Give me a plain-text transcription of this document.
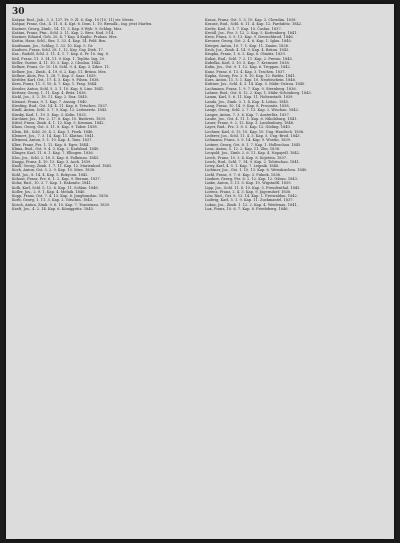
30

Kašpar, Rud., Jab., 3. 3. 137. Pr. 9. Zl. 6. Kap. 10 (10, 11) str. Mesto.

Kašpar, Franz, Gst., 4. 11. 8. 4. Kpt. 6. Dom. 1. 10. Bresalk., Ing. jetzt Marlen.

Kastner, Georg, Zimb., 14. 11. 3. Kap. 8 Wyb. 9. Schlag. Mez.

Kaštan, Franz, Ptm., Schl. 3. 11. Kap. 2. Brez. Hod. 3-14.

Kastner, Eduard, Geh. 20. 4. 7 Kap. 4 Kaplic. Prahan. Mez.

Kattin, Hans, Schl., Bez. 1. 33. 4. Kap. 14. Feld. Brn.

Kaufmann, Jos., Schlag, 1. 33. 10. Kap. 5. Gr.

Kauliers, Franz, Schl. 28. 1. 12. Krg. Gay. Dieb. 17.

Kaz., Rudolf, Schl. 3. 11. 4. 1. 7. Kap. 6. Pr. 10. Ing. 8.

Keil, Franz, 11. 3. 14. 11. 9. Kap. 1. Teplitz. Ing. 20.

Keller, Gustav, 4. 11. 10. 3. Kap. 2. Chodau. 1842.

Kellner, Franz, Cr. 10. 18. Schl. 9. 4. Kap. 3. Zdice. 11.

Kellner, Jos., Zimb., 4. 19. 6. 2. Kap. 11. Brünn. Mez.

Kellner, Alois, Prz. 1. 28. 7. Kap. 5. Saaz. 1839.

Kerbler, Karl, Gst., 17. 4. 3. Kap. 9. Pilsen. 1838.

Kern, Franz, 11. 3. 10. 4. 7. Kap. 1. Prag. 1844.

Kessler, Anton, Schl. 5. 3. 1. 10. Kap. 8. Linz. 1841.

Kettner, Georg, 1. 11. Kap. 4. Brüx. 1836.

Kickl, Jos., 5. 2. 18. 11. Kap. 2. Dux. 1845.

Kienast, Franz, 9. 1. Kap. 7. Aussig. 1840.

Kiesling, Rud., Gst. 14. 4. 11. Kap. 6. Tetschen. 1837.

Kindl, Anton, Schl. 3. 7. 9. Kap. 12. Leitmeritz. 1843.

Kinsky, Karl, 1. 19. 5. Kap. 3. Kolin. 1835.

Kirchner, Jos., Prz. 2. 17. 6. Kap. 10. Budweis. 1839.

Kittel, Franz, Zimb. 4. 1. 12. Kap. 5. Krumau. 1842.

Klaus, Georg, Gst. 3. 11. 8. Kap. 9. Tabor. 1838.

Klein, Ed., Schl. 20. 4. 2. Kap. 1. Pisek. 1846.

Kleinert, Jos., 7. 3. 14. Kap. 11. Klattau. 1841.

Klement, Anton, 5. 1. 10. Kap. 4. Taus. 1837.

Klier, Franz, Prz. 1. 12. Kap. 8. Eger. 1844.

Klima, Rud., Gst. 9. 4. 3. Kap. 2. Karlsbad. 1840.

Klinger, Karl, 11. 6. 1. Kap. 7. Elbogen. 1836.

Klos, Jos., Schl. 2. 18. 5. Kap. 6. Falkenau. 1843.

Knapp, Franz, 4. 10. 13. Kap. 3. Asch. 1839.

Knoll, Georg, Zimb. 1. 7. 11. Kap. 12. Marienbad. 1845.

Koch, Anton, Gst. 3. 2. 9. Kap. 10. Mies. 1838.

Kohl, Jos., 8. 14. 4. Kap. 5. Rokycan. 1842.

Kohout, Franz, Prz. 6. 1. 2. Kap. 9. Beraun. 1837.

Kolar, Rud., 10. 3. 7. Kap. 1. Rakonitz. 1841.

Kolb, Karl, Schl. 5. 12. 6. Kap. 11. Schlan. 1846.

Koller, Jos., 2. 9. 1. Kap. 4. Melnik. 1840.

Kopp, Franz, Gst. 7. 4. 13. Kap. 8. Jungbunzlau. 1836.

Korb, Georg, 1. 11. 3. Kap. 2. Gitschin. 1843.

Kosch, Anton, Zimb. 9. 6. 10. Kap. 7. Trautenau. 1839.

Kraft, Jos., 4. 2. 14. Kap. 6. Königgrätz. 1845.

Kraus, Franz, Gst. 1. 3. 10. Kap. 3. Chrudim. 1838.

Krause, Rud., Schl. 6. 11. 4. Kap. 12. Pardubitz. 1842.

Krebs, Karl, 8. 1. 7. Kap. 10. Časlau. 1837.

Kreidl, Jos., Prz. 3. 12. 2. Kap. 5. Kuttenberg. 1841.

Kren, Franz, 5. 9. 13. Kap. 9. Deutschbrod. 1846.

Kreuzer, Georg, Gst. 2. 4. 6. Kap. 1. Iglau. 1840.

Krieger, Anton, 10. 7. 1. Kap. 11. Znaim. 1836.

Kroh, Jos., Zimb. 4. 14. 9. Kap. 4. Brünn. 1843.

Krupka, Franz, 1. 6. 3. Kap. 8. Olmütz. 1839.

Kubat, Rud., Schl. 7. 2. 11. Kap. 2. Prerau. 1845.

Kubelka, Karl, 3. 10. 5. Kap. 7. Kremsier. 1838.

Kuhn, Jos., Gst. 9. 1. 12. Kap. 6. Troppau. 1842.

Kunz, Franz, 6. 13. 4. Kap. 3. Teschen. 1837.

Kupka, Georg, Prz. 2. 8. 10. Kap. 12. Bielitz. 1841.

Kurz, Anton, 11. 5. 1. Kap. 10. Neutitschein. 1846.

Kuttner, Jos., Schl. 4. 3. 14. Kap. 5. Mähr.-Ostrau. 1840.

Lachmann, Franz, 1. 9. 7. Kap. 9. Sternberg. 1836.

Lahner, Rud., Gst. 8. 12. 2. Kap. 1. Mähr.-Schönberg. 1843.

Lamm, Karl, 5. 6. 11. Kap. 11. Hohenstadt. 1839.

Landa, Jos., Zimb. 3. 1. 4. Kap. 4. Littau. 1845.

Lang, Franz, 10. 14. 9. Kap. 8. Prossnitz. 1838.

Lange, Georg, Schl. 2. 7. 13. Kap. 2. Wischau. 1842.

Langer, Anton, 7. 3. 6. Kap. 7. Austerlitz. 1837.

Laube, Jos., Gst. 4. 11. 1. Kap. 6. Nikolsburg. 1841.

Lauer, Franz, 9. 2. 12. Kap. 3. Lundenburg. 1846.

Layer, Rud., Prz. 1. 8. 5. Kap. 12. Göding. 1840.

Lechner, Karl, 6. 13. 10. Kap. 10. Ung.-Hradisch. 1836.

Lederer, Jos., Schl. 11. 4. 3. Kap. 5. Ung.-Brod. 1843.

Lehmann, Franz, 3. 9. 14. Kap. 9. Wsetin. 1839.

Leitner, Georg, Gst. 8. 1. 7. Kap. 1. Holleschau. 1845.

Lenz, Anton, 5. 12. 2. Kap. 11. Zlin. 1838.

Leopold, Jos., Zimb. 2. 6. 11. Kap. 4. Napajedl. 1842.

Lerch, Franz, 10. 3. 4. Kap. 8. Kojetein. 1837.

Lesch, Rud., Schl. 7. 14. 9. Kap. 2. Tobitschau. 1841.

Lewy, Karl, 4. 5. 1. Kap. 7. Leipnik. 1846.

Lichtner, Jos., Gst. 1. 10. 13. Kap. 6. Weisskirchen. 1840.

Liebl, Franz, 9. 7. 6. Kap. 3. Fulnek. 1836.

Lindner, Georg, Prz. 6. 2. 12. Kap. 12. Odrau. 1843.

Linke, Anton, 3. 11. 5. Kap. 10. Wigstadtl. 1839.

Lipp, Jos., Schl. 11. 8. 10. Kap. 5. Freudenthal. 1845.

Lorenz, Franz, 2. 4. 3. Kap. 9. Jägerndorf. 1838.

Löw, Rud., Gst. 8. 13. 14. Kap. 1. Freiwaldau. 1842.

Ludwig, Karl, 5. 1. 9. Kap. 11. Zuckmantel. 1837.

Lukas, Jos., Zimb. 1. 12. 2. Kap. 4. Weidenau. 1841.

Lux, Franz, 10. 6. 7. Kap. 8. Friedeberg. 1846.
